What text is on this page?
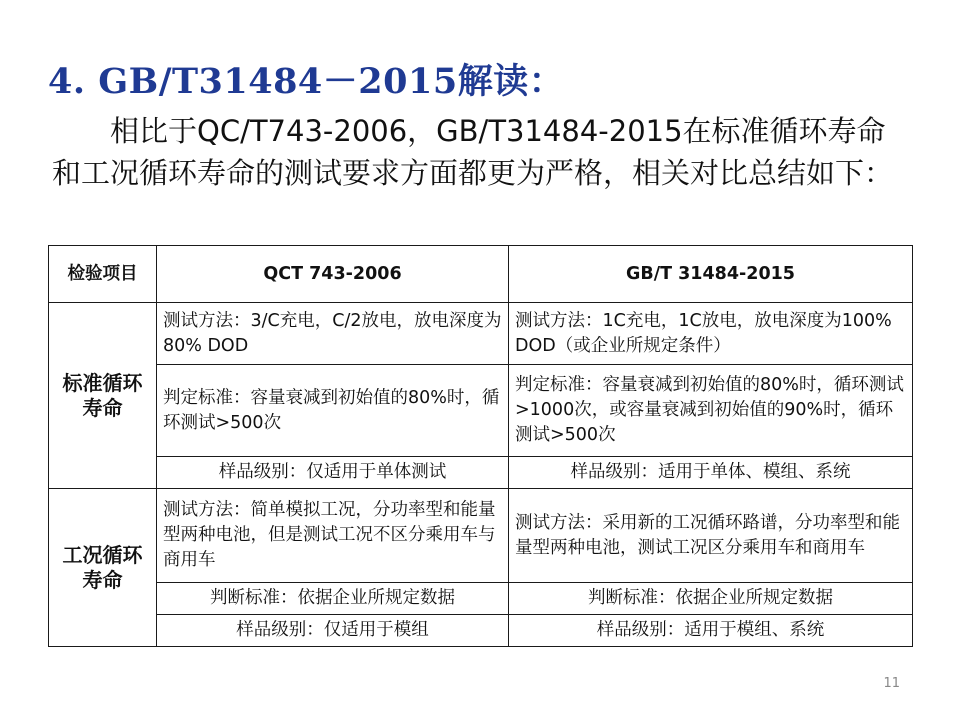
4. GB/T31484－2015解读：

相比于QC/T743-2006，GB/T31484-2015在标准循环寿命和工况循环寿命的测试要求方面都更为严格，相关对比总结如下：

检验项目	QCT 743-2006	GB/T 31484-2015
标准循环寿命	测试方法：3/C充电，C/2放电，放电深度为80% DOD	测试方法：1C充电，1C放电，放电深度为100% DOD（或企业所规定条件）
	判定标准：容量衰减到初始值的80%时，循环测试>500次	判定标准：容量衰减到初始值的80%时，循环测试>1000次，或容量衰减到初始值的90%时，循环测试>500次
	样品级别：仅适用于单体测试	样品级别：适用于单体、模组、系统
工况循环寿命	测试方法：简单模拟工况，分功率型和能量型两种电池，但是测试工况不区分乘用车与商用车	测试方法：采用新的工况循环路谱，分功率型和能量型两种电池，测试工况区分乘用车和商用车
	判断标准：依据企业所规定数据	判断标准：依据企业所规定数据
	样品级别：仅适用于模组	样品级别：适用于模组、系统
11
